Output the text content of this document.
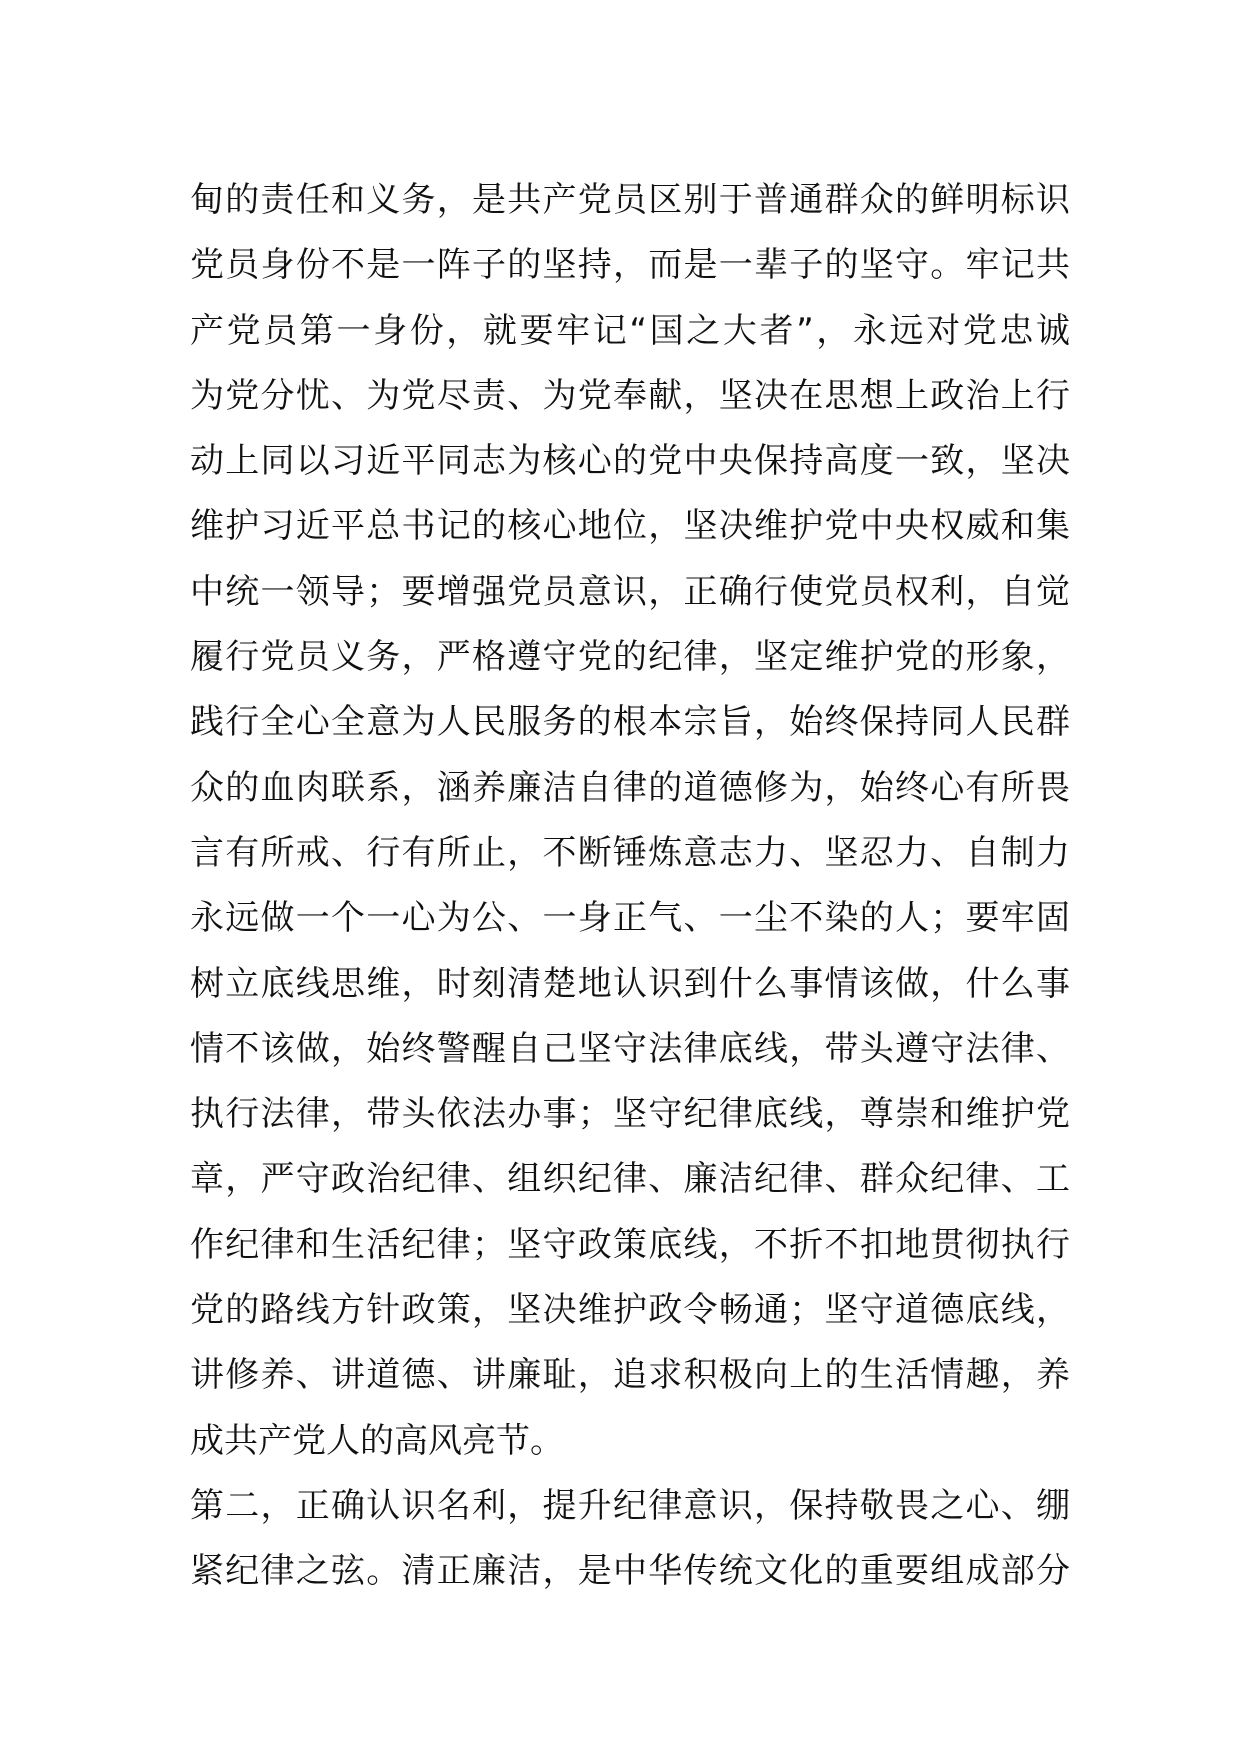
甸的责任和义务，是共产党员区别于普通群众的鲜明标识
党员身份不是一阵子的坚持，而是一辈子的坚守。牢记共
产党员第一身份，就要牢记“国之大者”，永远对党忠诚
为党分忧、为党尽责、为党奉献，坚决在思想上政治上行
动上同以习近平同志为核心的党中央保持高度一致，坚决
维护习近平总书记的核心地位，坚决维护党中央权威和集
中统一领导；要增强党员意识，正确行使党员权利，自觉
履行党员义务，严格遵守党的纪律，坚定维护党的形象，
践行全心全意为人民服务的根本宗旨，始终保持同人民群
众的血肉联系，涵养廉洁自律的道德修为，始终心有所畏
言有所戒、行有所止，不断锤炼意志力、坚忍力、自制力
永远做一个一心为公、一身正气、一尘不染的人；要牢固
树立底线思维，时刻清楚地认识到什么事情该做，什么事
情不该做，始终警醒自己坚守法律底线，带头遵守法律、
执行法律，带头依法办事；坚守纪律底线，尊崇和维护党
章，严守政治纪律、组织纪律、廉洁纪律、群众纪律、工
作纪律和生活纪律；坚守政策底线，不折不扣地贯彻执行
党的路线方针政策，坚决维护政令畅通；坚守道德底线，
讲修养、讲道德、讲廉耻，追求积极向上的生活情趣，养
成共产党人的高风亮节。
第二，正确认识名利，提升纪律意识，保持敬畏之心、绷
紧纪律之弦。清正廉洁，是中华传统文化的重要组成部分
